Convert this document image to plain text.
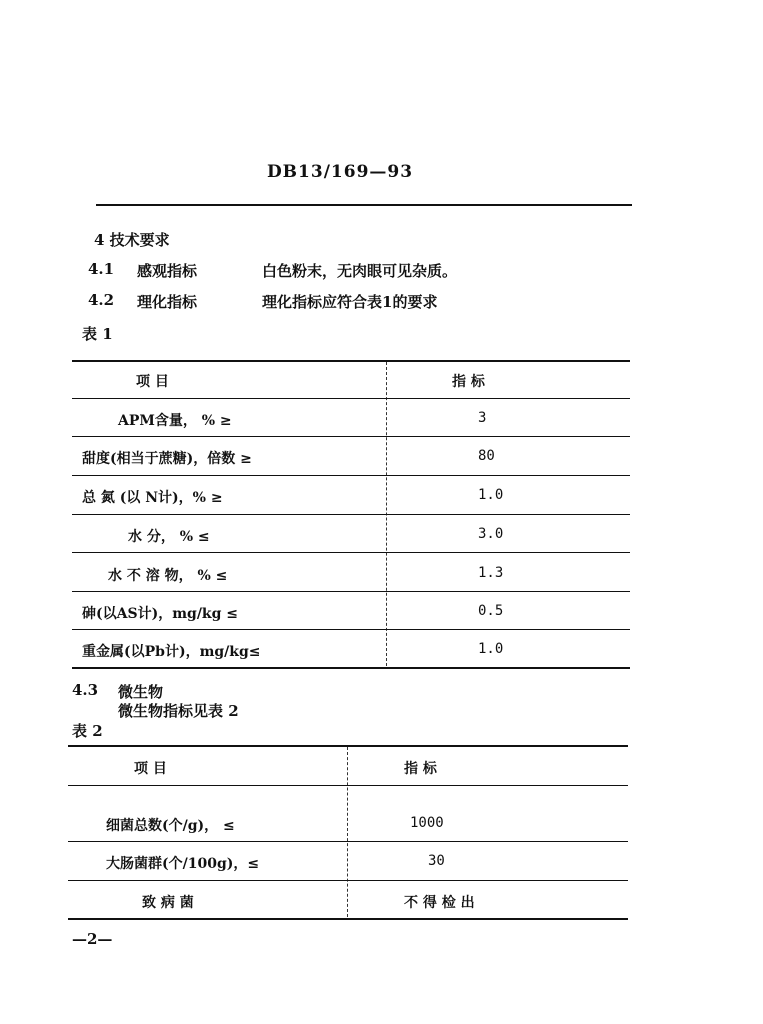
DB13/169—93
4 技术要求
4.1 感观指标	白色粉末，无肉眼可见杂质。
4.2 理化指标	理化指标应符合表1的要求
表 1
项 目	指 标
APM含量， % ≥	3
甜度(相当于蔗糖)，倍数 ≥	80
总 氮 (以 N计)，% ≥	1.0
水 分， % ≤	3.0
水 不 溶 物， % ≤	1.3
砷(以AS计)，mg/kg ≤	0.5
重金属(以Pb计)，mg/kg≤	1.0
4.3 微生物
微生物指标见表 2
表 2
项 目	指 标
细菌总数(个/g)， ≤	1000
大肠菌群(个/100g)，≤	30
致 病 菌	不 得 检 出
—2—
